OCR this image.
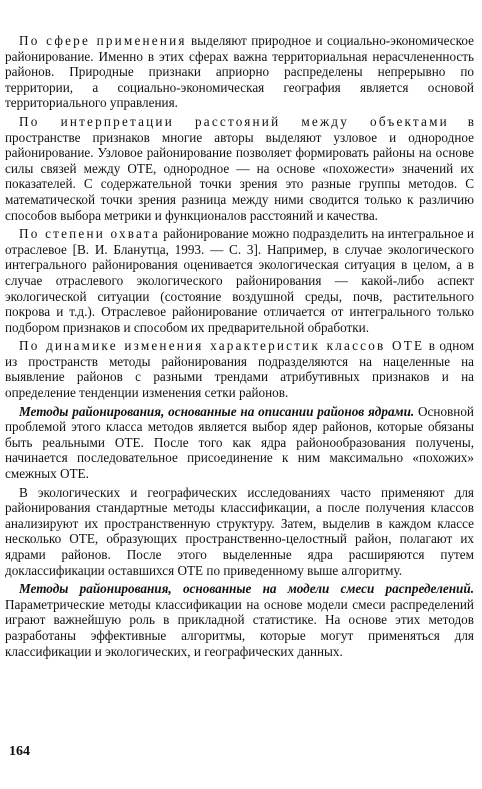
По сфере применения выделяют природное и социально-экономическое районирование. Именно в этих сферах важна территориальная нерасчлененность районов. Природные признаки априорно распределены непрерывно по территории, а социально-экономическая география является основой территориального управления.

По интерпретации расстояний между объектами в пространстве признаков многие авторы выделяют узловое и однородное районирование. Узловое районирование позволяет формировать районы на основе силы связей между ОТЕ, однородное — на основе «похожести» значений их показателей. С содержательной точки зрения это разные группы методов. С математической точки зрения разница между ними сводится только к различию способов выбора метрики и функционалов расстояний и качества.

По степени охвата районирование можно подразделить на интегральное и отраслевое [В. И. Бланутца, 1993. — С. 3]. Например, в случае экологического интегрального районирования оценивается экологическая ситуация в целом, а в случае отраслевого экологического районирования — какой-либо аспект экологической ситуации (состояние воздушной среды, почв, растительного покрова и т.д.). Отраслевое районирование отличается от интегрального только подбором признаков и способом их предварительной обработки.

По динамике изменения характеристик классов ОТЕ в одном из пространств методы районирования подразделяются на нацеленные на выявление районов с разными трендами атрибутивных признаков и на определение тенденции изменения сетки районов.

Методы районирования, основанные на описании районов ядрами. Основной проблемой этого класса методов является выбор ядер районов, которые обязаны быть реальными ОТЕ. После того как ядра районообразования получены, начинается последовательное присоединение к ним максимально «похожих» смежных ОТЕ.

В экологических и географических исследованиях часто применяют для районирования стандартные методы классификации, а после получения классов анализируют их пространственную структуру. Затем, выделив в каждом классе несколько ОТЕ, образующих пространственно-целостный район, полагают их ядрами районов. После этого выделенные ядра расширяются путем доклассификации оставшихся ОТЕ по приведенному выше алгоритму.

Методы районирования, основанные на модели смеси распределений. Параметрические методы классификации на основе модели смеси распределений играют важнейшую роль в прикладной статистике. На основе этих методов разработаны эффективные алгоритмы, которые могут применяться для классификации и экологических, и географических данных.

164
